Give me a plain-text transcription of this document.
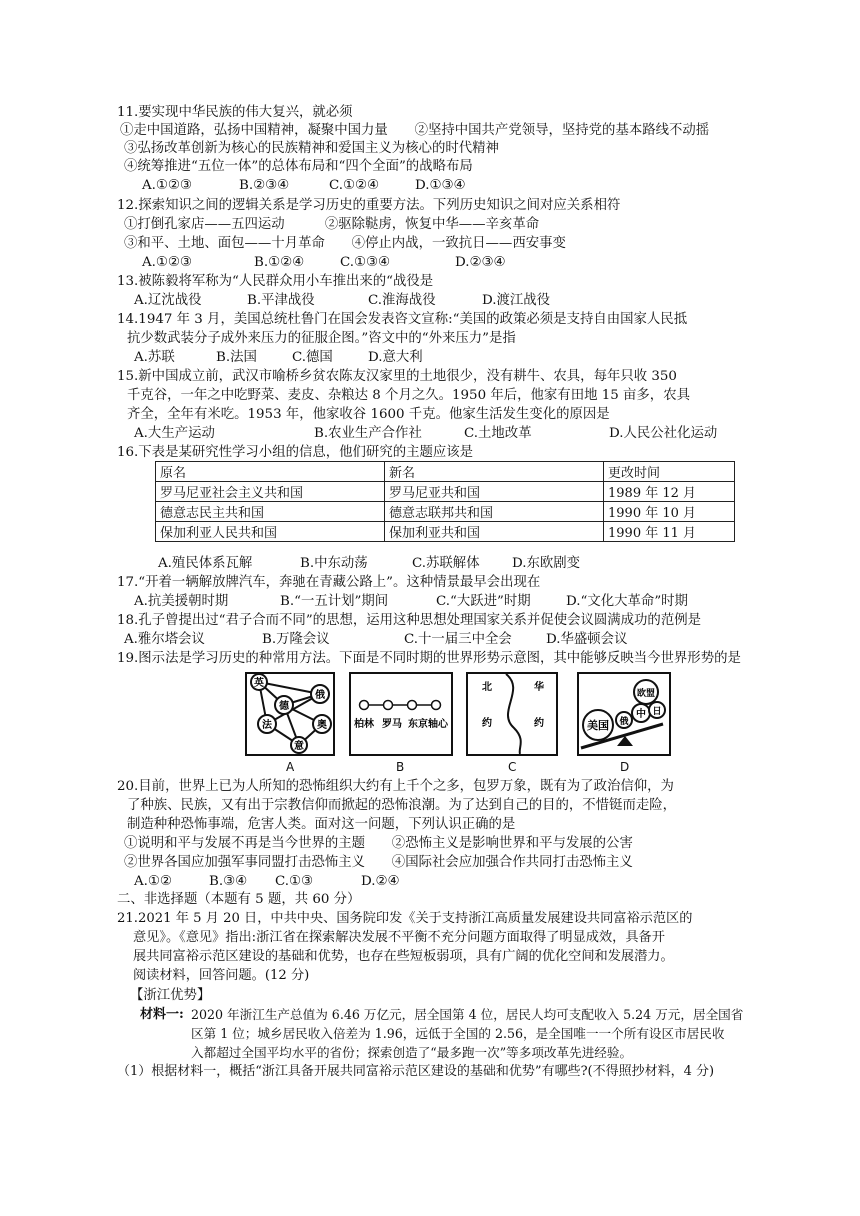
11.要实现中华民族的伟大复兴，就必须
①走中国道路，弘扬中国精神，凝聚中国力量　　②坚持中国共产党领导，坚持党的基本路线不动摇
③弘扬改革创新为核心的民族精神和爱国主义为核心的时代精神
④统筹推进“五位一体”的总体布局和“四个全面”的战略布局
A.①②③	B.②③④	C.①②④	D.①③④
12.探索知识之间的逻辑关系是学习历史的重要方法。下列历史知识之间对应关系相符
①打倒孔家店——五四运动　　　②驱除鞑虏，恢复中华——辛亥革命
③和平、土地、面包——十月革命　　④停止内战，一致抗日——西安事变
A.①②③	B.①②④	C.①③④	D.②③④
13.被陈毅将军称为“人民群众用小车推出来的“战役是
A.辽沈战役	B.平津战役	C.淮海战役	D.渡江战役
14.1947 年 3 月，美国总统杜鲁门在国会发表咨文宣称:“美国的政策必须是支持自由国家人民抵
抗少数武装分子成外来压力的征服企图。”咨文中的“外来压力”是指
A.苏联	B.法国	C.德国	D.意大利
15.新中国成立前，武汉市喻桥乡贫农陈友汉家里的土地很少，没有耕牛、农具，每年只收 350
千克谷，一年之中吃野菜、麦皮、杂粮达 8 个月之久。1950 年后，他家有田地 15 亩多，农具
齐全，全年有米吃。1953 年，他家收谷 1600 千克。他家生活发生变化的原因是
A.大生产运动	B.农业生产合作社	C.土地改革	D.人民公社化运动
16.下表是某研究性学习小组的信息，他们研究的主题应该是
原名	新名	更改时间
罗马尼亚社会主义共和国	罗马尼亚共和国	1989 年 12 月
德意志民主共和国	德意志联邦共和国	1990 年 10 月
保加利亚人民共和国	保加利亚共和国	1990 年 11 月
A.殖民体系瓦解	B.中东动荡	C.苏联解体 D.东欧剧变
17.“开着一辆解放牌汽车，奔驰在青藏公路上”。这种情景最早会出现在
A.抗美援朝时期	B.“一五计划”期间	C.“大跃进”时期	D.“文化大革命”时期
18.孔子曾提出过“君子合而不同”的思想，运用这种思想处理国家关系并促使会议圆满成功的范例是
A.雅尔塔会议	B.万隆会议	C.十一届三中全会	D.华盛顿会议
19.图示法是学习历史的种常用方法。下面是不同时期的世界形势示意图，其中能够反映当今世界形势的是
英
德
俄
法	奥
意
A
柏林 罗马 东京轴心
B
北
约
华
约
C
美国 俄
中
欧盟
日
D
20.目前，世界上已为人所知的恐怖组织大约有上千个之多，包罗万象，既有为了政治信仰，为
了种族、民族，又有出于宗教信仰而掀起的恐怖浪潮。为了达到自己的目的，不惜铤而走险，
制造种种恐怖事端，危害人类。面对这一问题，下列认识正确的是
①说明和平与发展不再是当今世界的主题　　②恐怖主义是影响世界和平与发展的公害
②世界各国应加强军事同盟打击恐怖主义　　④国际社会应加强合作共同打击恐怖主义
A.①②	B.③④ C.①③	D.②④
二、非选择题（本题有 5 题，共 60 分）
21.2021 年 5 月 20 日，中共中央、国务院印发《关于支持浙江高质量发展建设共同富裕示范区的
意见》。《意见》指出:浙江省在探索解决发展不平衡不充分问题方面取得了明显成效，具备开
展共同富裕示范区建设的基础和优势，也存在些短板弱项，具有广阔的优化空间和发展潜力。
阅读材料，回答问题。(12 分)
【浙江优势】
材料一: 2020 年浙江生产总值为 6.46 万亿元，居全国第 4 位，居民人均可支配收入 5.24 万元，居全国省
区第 1 位；城乡居民收入倍差为 1.96，远低于全国的 2.56，是全国唯一一个所有设区市居民收
入都超过全国平均水平的省份；探索创造了“最多跑一次”等多项改革先进经验。
（1）根据材料一，概括“浙江具备开展共同富裕示范区建设的基础和优势”有哪些?(不得照抄材料，4 分)
